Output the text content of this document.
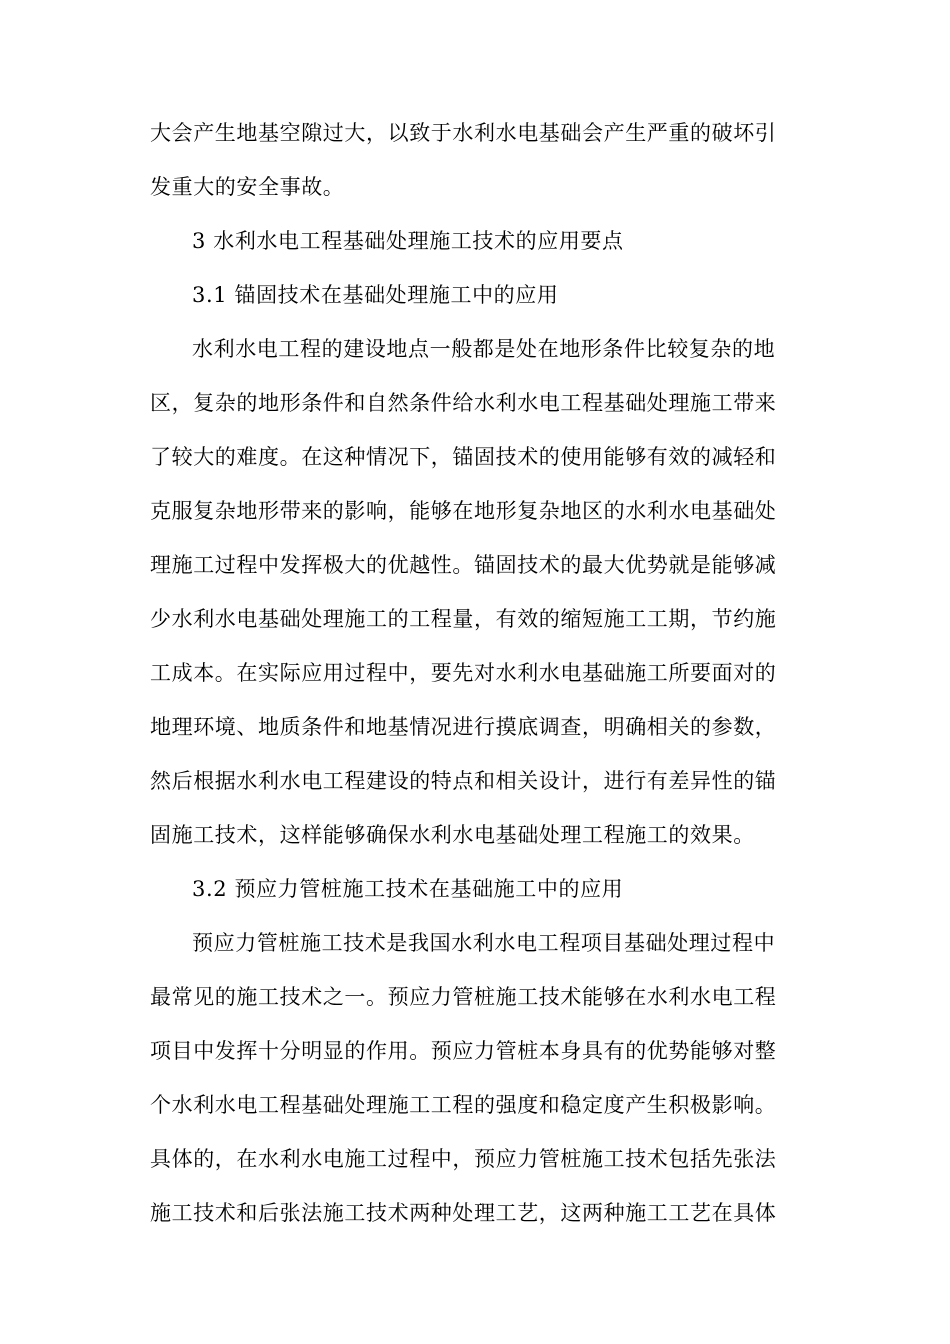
大会产生地基空隙过大，以致于水利水电基础会产生严重的破坏引
发重大的安全事故。
3 水利水电工程基础处理施工技术的应用要点
3.1 锚固技术在基础处理施工中的应用
水利水电工程的建设地点一般都是处在地形条件比较复杂的地
区，复杂的地形条件和自然条件给水利水电工程基础处理施工带来
了较大的难度。在这种情况下，锚固技术的使用能够有效的减轻和
克服复杂地形带来的影响，能够在地形复杂地区的水利水电基础处
理施工过程中发挥极大的优越性。锚固技术的最大优势就是能够减
少水利水电基础处理施工的工程量，有效的缩短施工工期，节约施
工成本。在实际应用过程中，要先对水利水电基础施工所要面对的
地理环境、地质条件和地基情况进行摸底调查，明确相关的参数，
然后根据水利水电工程建设的特点和相关设计，进行有差异性的锚
固施工技术，这样能够确保水利水电基础处理工程施工的效果。
3.2 预应力管桩施工技术在基础施工中的应用
预应力管桩施工技术是我国水利水电工程项目基础处理过程中
最常见的施工技术之一。预应力管桩施工技术能够在水利水电工程
项目中发挥十分明显的作用。预应力管桩本身具有的优势能够对整
个水利水电工程基础处理施工工程的强度和稳定度产生积极影响。
具体的，在水利水电施工过程中，预应力管桩施工技术包括先张法
施工技术和后张法施工技术两种处理工艺，这两种施工工艺在具体
